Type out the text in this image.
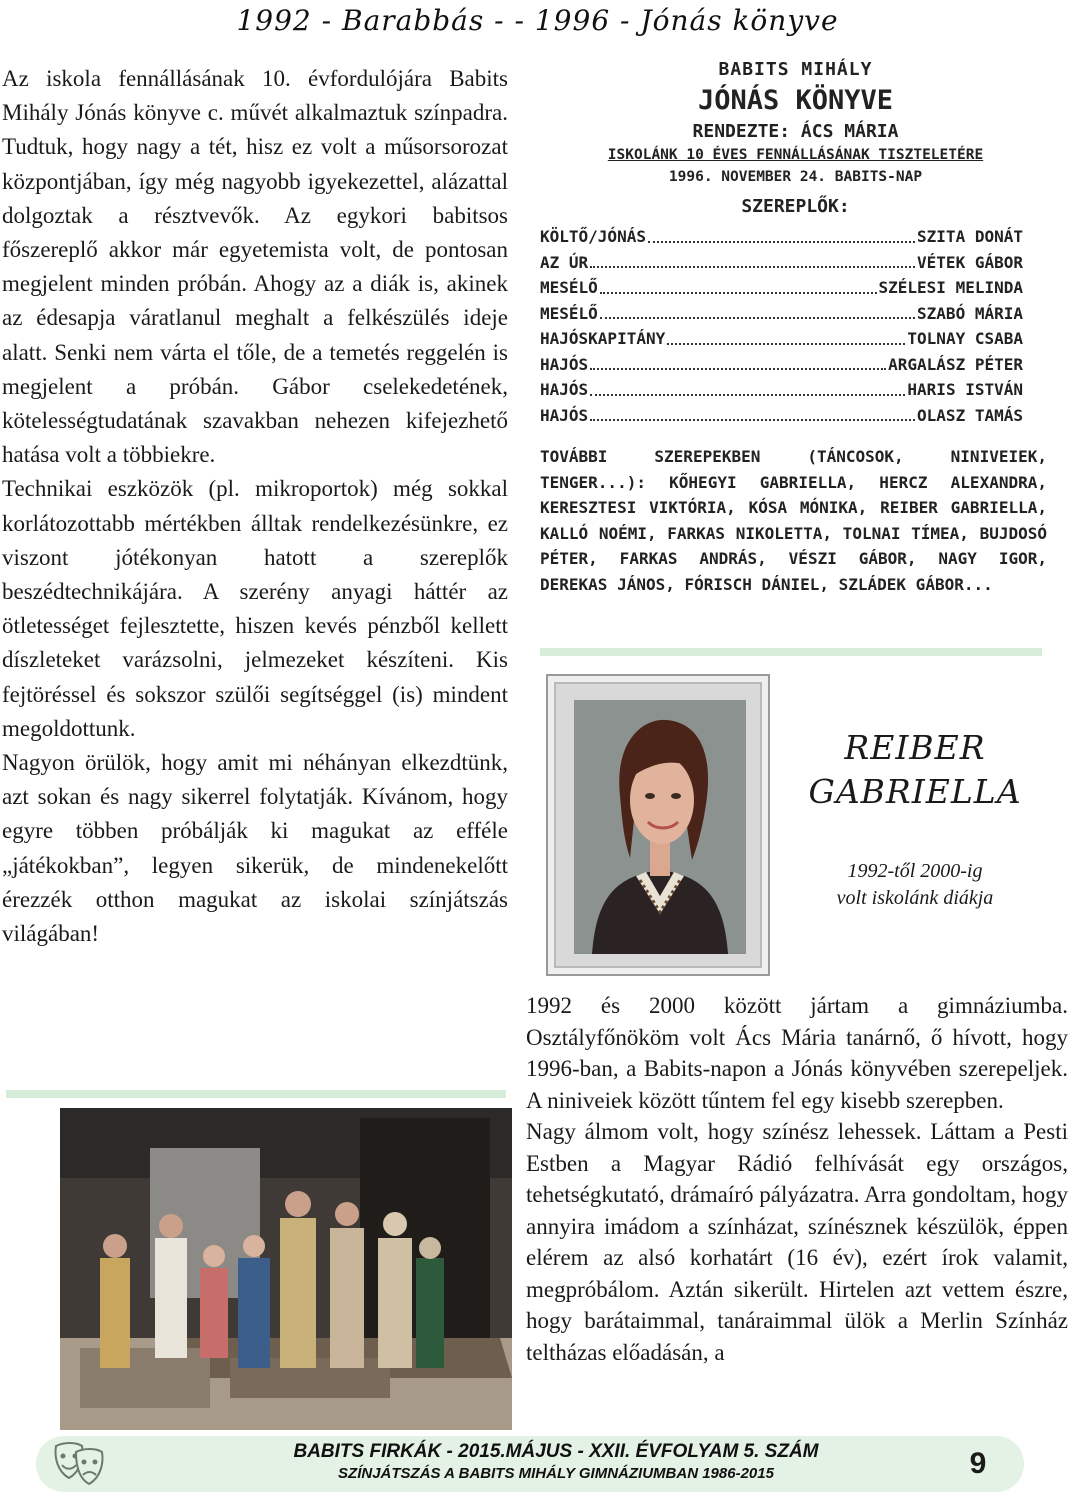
1992 - Barabbás - - 1996 - Jónás könyve

Az iskola fennállásának 10. évfordulójára Babits Mihály Jónás könyve c. művét alkalmaztuk színpadra. Tudtuk, hogy nagy a tét, hisz ez volt a műsorsorozat központjában, így még nagyobb igyekezettel, alázattal dolgoztak a résztvevők. Az egykori babitsos főszereplő akkor már egyetemista volt, de pontosan megjelent minden próbán. Ahogy az a diák is, akinek az édesapja váratlanul meghalt a felkészülés ideje alatt. Senki nem várta el tőle, de a temetés reggelén is megjelent a próbán. Gábor cselekedetének, kötelességtudatának szavakban nehezen kifejezhető hatása volt a többiekre.

Technikai eszközök (pl. mikroportok) még sokkal korlátozottabb mértékben álltak rendelkezésünkre, ez viszont jótékonyan hatott a szereplők beszédtechnikájára. A szerény anyagi háttér az ötletességet fejlesztette, hiszen kevés pénzből kellett díszleteket varázsolni, jelmezeket készíteni. Kis fejtöréssel és sokszor szülői segítséggel (is) mindent megoldottunk.

Nagyon örülök, hogy amit mi néhányan elkezdtünk, azt sokan és nagy sikerrel folytatják. Kívánom, hogy egyre többen próbálják ki magukat az efféle „játékokban”, legyen sikerük, de mindenekelőtt érezzék otthon magukat az iskolai színjátszás világában!

BABITS MIHÁLY
JÓNÁS KÖNYVE
RENDEZTE: ÁCS MÁRIA
ISKOLÁNK 10 ÉVES FENNÁLLÁSÁNAK TISZTELETÉRE
1996. NOVEMBER 24. BABITS-NAP
SZEREPLŐK:
KÖLTŐ/JÓNÁS	SZITA DONÁT
AZ ÚR	VÉTEK GÁBOR
MESÉLŐ	SZÉLESI MELINDA
MESÉLŐ	SZABÓ MÁRIA
HAJÓSKAPITÁNY	TOLNAY CSABA
HAJÓS	ARGALÁSZ PÉTER
HAJÓS	HARIS ISTVÁN
HAJÓS	OLASZ TAMÁS
TOVÁBBI SZEREPEKBEN (TÁNCOSOK, NINIVEIEK, TENGER...): KŐHEGYI GABRIELLA, HERCZ ALEXANDRA, KERESZTESI VIKTÓRIA, KÓSA MÓNIKA, REIBER GABRIELLA, KALLÓ NOÉMI, FARKAS NIKOLETTA, TOLNAI TÍMEA, BUJDOSÓ PÉTER, FARKAS ANDRÁS, VÉSZI GÁBOR, NAGY IGOR, DEREKAS JÁNOS, FÓRISCH DÁNIEL, SZLÁDEK GÁBOR...
REIBER
GABRIELLA
1992-től 2000-ig
volt iskolánk diákja

1992 és 2000 között jártam a gimnáziumba. Osztályfőnököm volt Ács Mária tanárnő, ő hívott, hogy 1996-ban, a Babits-napon a Jónás könyvében szerepeljek. A niniveiek között tűntem fel egy kisebb szerepben.

Nagy álmom volt, hogy színész lehessek. Láttam a Pesti Estben a Magyar Rádió felhívását egy országos, tehetségkutató, drámaíró pályázatra. Arra gondoltam, hogy annyira imádom a színházat, színésznek készülök, éppen elérem az alsó korhatárt (16 év), ezért írok valamit, megpróbálom. Aztán sikerült. Hirtelen azt vettem észre, hogy barátaimmal, tanáraimmal ülök a Merlin Színház teltházas előadásán, a

BABITS FIRKÁK - 2015.MÁJUS - XXII. ÉVFOLYAM 5. SZÁM
SZÍNJÁTSZÁS A BABITS MIHÁLY GIMNÁZIUMBAN 1986-2015	9
